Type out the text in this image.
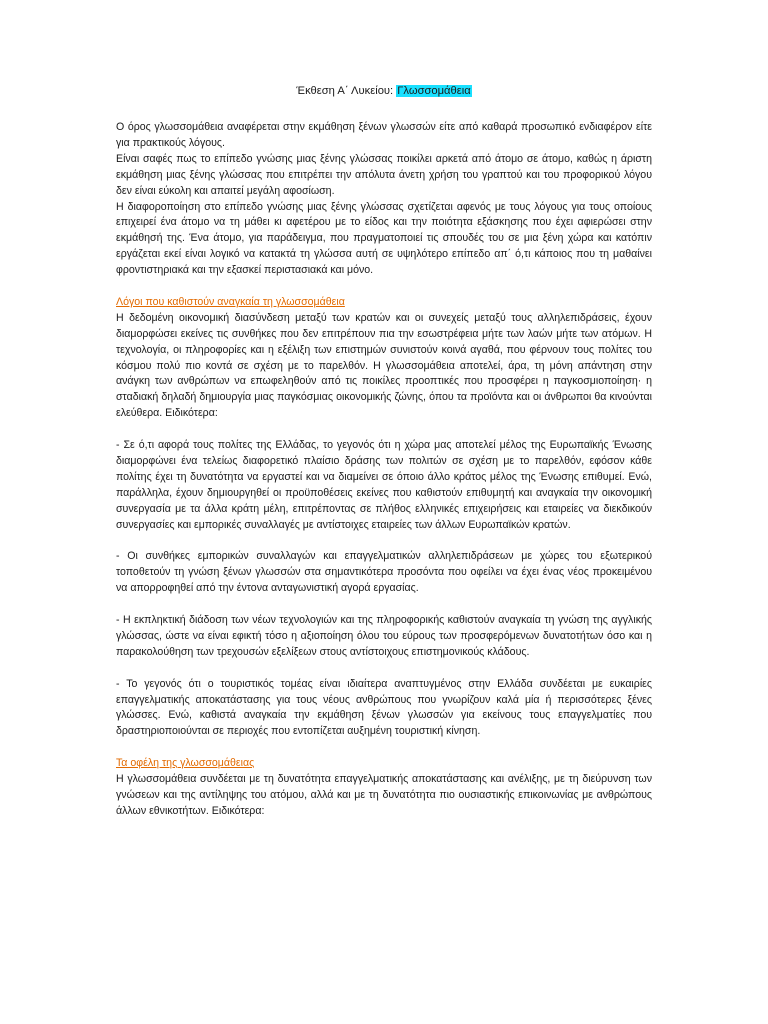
Έκθεση Α΄ Λυκείου: Γλωσσομάθεια

Ο όρος γλωσσομάθεια αναφέρεται στην εκμάθηση ξένων γλωσσών είτε από καθαρά προσωπικό ενδιαφέρον είτε για πρακτικούς λόγους.

Είναι σαφές πως το επίπεδο γνώσης μιας ξένης γλώσσας ποικίλει αρκετά από άτομο σε άτομο, καθώς η άριστη εκμάθηση μιας ξένης γλώσσας που επιτρέπει την απόλυτα άνετη χρήση του γραπτού και του προφορικού λόγου δεν είναι εύκολη και απαιτεί μεγάλη αφοσίωση.

Η διαφοροποίηση στο επίπεδο γνώσης μιας ξένης γλώσσας σχετίζεται αφενός με τους λόγους για τους οποίους επιχειρεί ένα άτομο να τη μάθει κι αφετέρου με το είδος και την ποιότητα εξάσκησης που έχει αφιερώσει στην εκμάθησή της. Ένα άτομο, για παράδειγμα, που πραγματοποιεί τις σπουδές του σε μια ξένη χώρα και κατόπιν εργάζεται εκεί είναι λογικό να κατακτά τη γλώσσα αυτή σε υψηλότερο επίπεδο απ΄ ό,τι κάποιος που τη μαθαίνει φροντιστηριακά και την εξασκεί περιστασιακά και μόνο.

Λόγοι που καθιστούν αναγκαία τη γλωσσομάθεια

Η δεδομένη οικονομική διασύνδεση μεταξύ των κρατών και οι συνεχείς μεταξύ τους αλληλεπιδράσεις, έχουν διαμορφώσει εκείνες τις συνθήκες που δεν επιτρέπουν πια την εσωστρέφεια μήτε των λαών μήτε των ατόμων. Η τεχνολογία, οι πληροφορίες και η εξέλιξη των επιστημών συνιστούν κοινά αγαθά, που φέρνουν τους πολίτες του κόσμου πολύ πιο κοντά σε σχέση με το παρελθόν. Η γλωσσομάθεια αποτελεί, άρα, τη μόνη απάντηση στην ανάγκη των ανθρώπων να επωφεληθούν από τις ποικίλες προοπτικές που προσφέρει η παγκοσμιοποίηση· η σταδιακή δηλαδή δημιουργία μιας παγκόσμιας οικονομικής ζώνης, όπου τα προϊόντα και οι άνθρωποι θα κινούνται ελεύθερα. Ειδικότερα:

- Σε ό,τι αφορά τους πολίτες της Ελλάδας, το γεγονός ότι η χώρα μας αποτελεί μέλος της Ευρωπαϊκής Ένωσης διαμορφώνει ένα τελείως διαφορετικό πλαίσιο δράσης των πολιτών σε σχέση με το παρελθόν, εφόσον κάθε πολίτης έχει τη δυνατότητα να εργαστεί και να διαμείνει σε όποιο άλλο κράτος μέλος της Ένωσης επιθυμεί. Ενώ, παράλληλα, έχουν δημιουργηθεί οι προϋποθέσεις εκείνες που καθιστούν επιθυμητή και αναγκαία την οικονομική συνεργασία με τα άλλα κράτη μέλη, επιτρέποντας σε πλήθος ελληνικές επιχειρήσεις και εταιρείες να διεκδικούν συνεργασίες και εμπορικές συναλλαγές με αντίστοιχες εταιρείες των άλλων Ευρωπαϊκών κρατών.

- Οι συνθήκες εμπορικών συναλλαγών και επαγγελματικών αλληλεπιδράσεων με χώρες του εξωτερικού τοποθετούν τη γνώση ξένων γλωσσών στα σημαντικότερα προσόντα που οφείλει να έχει ένας νέος προκειμένου να απορροφηθεί από την έντονα ανταγωνιστική αγορά εργασίας.

- Η εκπληκτική διάδοση των νέων τεχνολογιών και της πληροφορικής καθιστούν αναγκαία τη γνώση της αγγλικής γλώσσας, ώστε να είναι εφικτή τόσο η αξιοποίηση όλου του εύρους των προσφερόμενων δυνατοτήτων όσο και η παρακολούθηση των τρεχουσών εξελίξεων στους αντίστοιχους επιστημονικούς κλάδους.

- Το γεγονός ότι ο τουριστικός τομέας είναι ιδιαίτερα αναπτυγμένος στην Ελλάδα συνδέεται με ευκαιρίες επαγγελματικής αποκατάστασης για τους νέους ανθρώπους που γνωρίζουν καλά μία ή περισσότερες ξένες γλώσσες. Ενώ, καθιστά αναγκαία την εκμάθηση ξένων γλωσσών για εκείνους τους επαγγελματίες που δραστηριοποιούνται σε περιοχές που εντοπίζεται αυξημένη τουριστική κίνηση.

Τα οφέλη της γλωσσομάθειας

Η γλωσσομάθεια συνδέεται με τη δυνατότητα επαγγελματικής αποκατάστασης και ανέλιξης, με τη διεύρυνση των γνώσεων και της αντίληψης του ατόμου, αλλά και με τη δυνατότητα πιο ουσιαστικής επικοινωνίας με ανθρώπους άλλων εθνικοτήτων. Ειδικότερα:
